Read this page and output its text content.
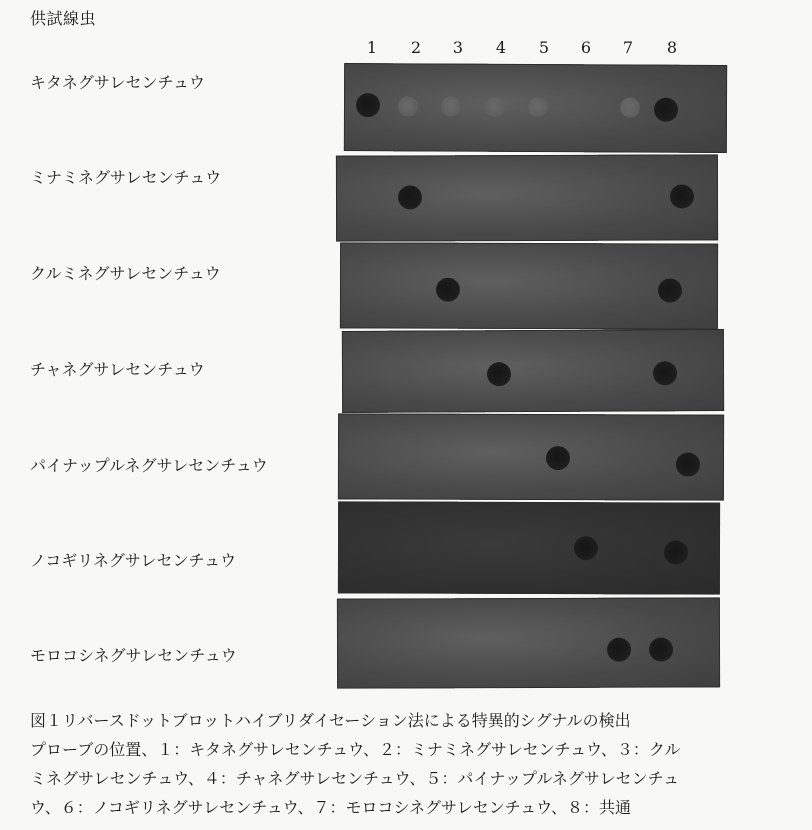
供試線虫
1 2 3 4 5 6 7 8
キタネグサレセンチュウ
ミナミネグサレセンチュウ
クルミネグサレセンチュウ
チャネグサレセンチュウ
パイナップルネグサレセンチュウ
ノコギリネグサレセンチュウ
モロコシネグサレセンチュウ

図１リバースドットブロットハイブリダイセーション法による特異的シグナルの検出

プローブの位置、１：キタネグサレセンチュウ、２：ミナミネグサレセンチュウ、３：クル

ミネグサレセンチュウ、４：チャネグサレセンチュウ、５：パイナップルネグサレセンチュ

ウ、６：ノコギリネグサレセンチュウ、７：モロコシネグサレセンチュウ、８：共通
